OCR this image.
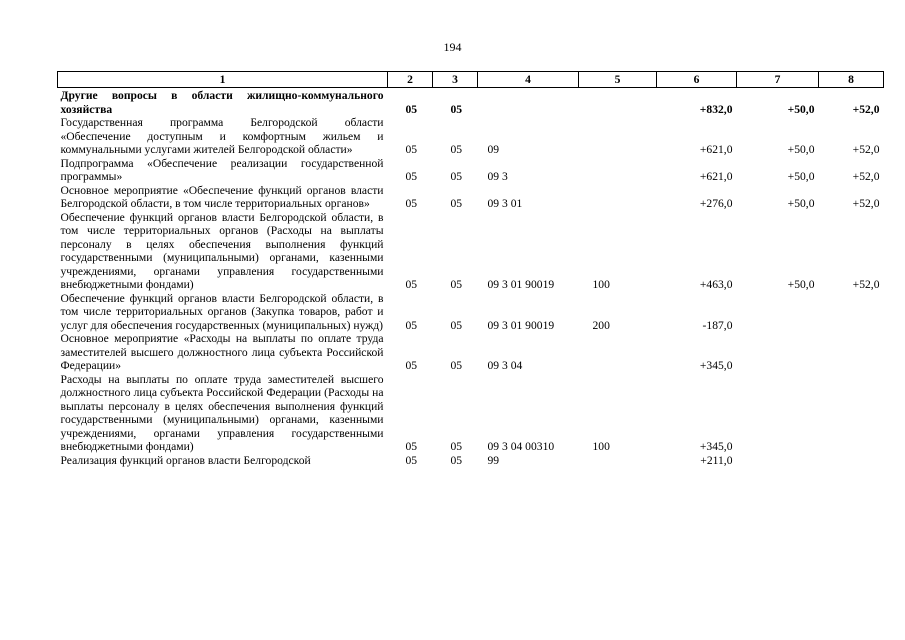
194
1	2	3	4	5	6	7	8
Другие вопросы в области жилищно-коммунального хозяйства	05	05			+832,0	+50,0	+52,0
Государственная программа Белгородской области «Обеспечение доступным и комфортным жильем и коммунальными услугами жителей Белгородской области»	05	05	09		+621,0	+50,0	+52,0
Подпрограмма «Обеспечение реализации государственной программы»	05	05	09 3		+621,0	+50,0	+52,0
Основное мероприятие «Обеспечение функций органов власти Белгородской области, в том числе территориальных органов»	05	05	09 3 01		+276,0	+50,0	+52,0
Обеспечение функций органов власти Белгородской области, в том числе территориальных органов (Расходы на выплаты персоналу в целях обеспечения выполнения функций государственными (муниципальными) органами, казенными учреждениями, органами управления государственными внебюджетными фондами)	05	05	09 3 01 90019	100	+463,0	+50,0	+52,0
Обеспечение функций органов власти Белгородской области, в том числе территориальных органов (Закупка товаров, работ и услуг для обеспечения государственных (муниципальных) нужд)	05	05	09 3 01 90019	200	-187,0		
Основное мероприятие «Расходы на выплаты по оплате труда заместителей высшего должностного лица субъекта Российской Федерации»	05	05	09 3 04		+345,0		
Расходы на выплаты по оплате труда заместителей высшего должностного лица субъекта Российской Федерации (Расходы на выплаты персоналу в целях обеспечения выполнения функций государственными (муниципальными) органами, казенными учреждениями, органами управления государственными внебюджетными фондами)	05	05	09 3 04 00310	100	+345,0		
Реализация функций органов власти Белгородской	05	05	99		+211,0		
